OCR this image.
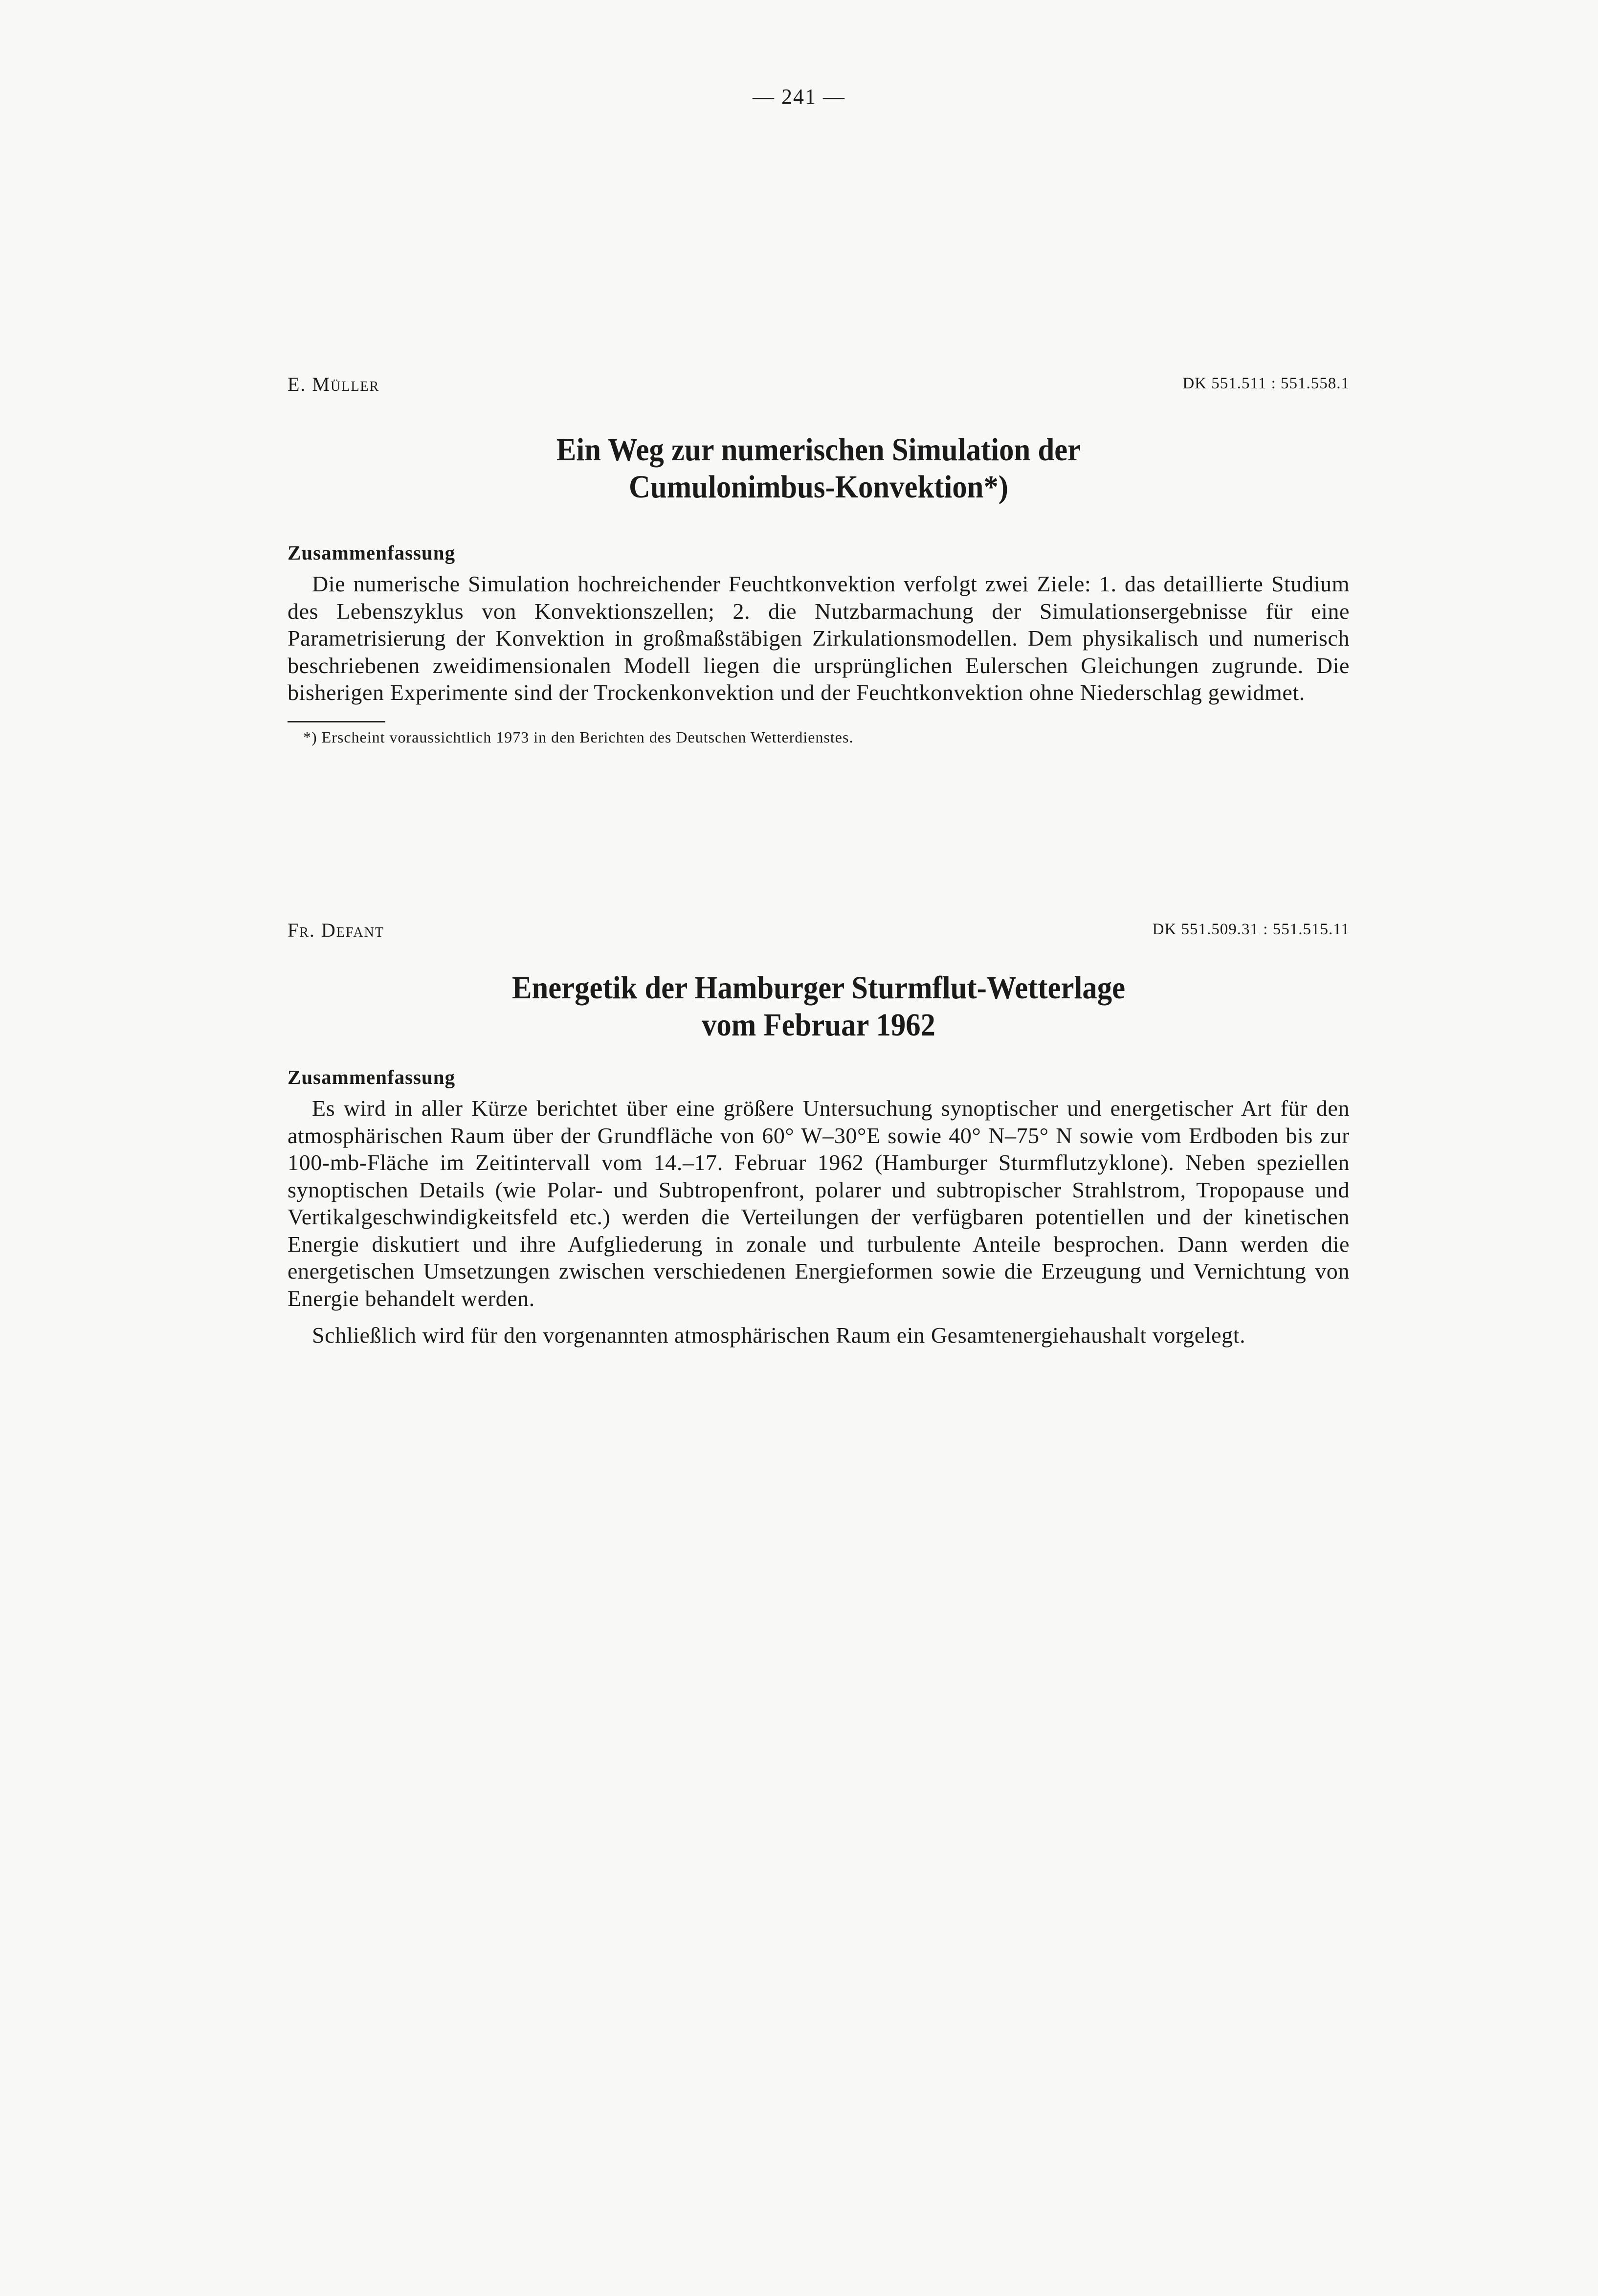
— 241 —
E. Müller	DK 551.511 : 551.558.1
Ein Weg zur numerischen Simulation der
Cumulonimbus-Konvektion*)
Zusammenfassung

Die numerische Simulation hochreichender Feuchtkonvektion verfolgt zwei Ziele: 1. das detaillierte Studium des Lebenszyklus von Konvektionszellen; 2. die Nutzbarmachung der Simulationsergebnisse für eine Parametrisierung der Konvektion in großmaßstäbigen Zirkulationsmodellen. Dem physikalisch und numerisch beschriebenen zweidimensionalen Modell liegen die ursprünglichen Eulerschen Gleichungen zugrunde. Die bisherigen Experimente sind der Trockenkonvektion und der Feuchtkonvektion ohne Niederschlag gewidmet.

*) Erscheint voraussichtlich 1973 in den Berichten des Deutschen Wetterdienstes.
Fr. Defant	DK 551.509.31 : 551.515.11
Energetik der Hamburger Sturmflut-Wetterlage
vom Februar 1962
Zusammenfassung

Es wird in aller Kürze berichtet über eine größere Untersuchung synoptischer und energetischer Art für den atmosphärischen Raum über der Grundfläche von 60° W–30°E sowie 40° N–75° N sowie vom Erdboden bis zur 100-mb-Fläche im Zeitintervall vom 14.–17. Februar 1962 (Hamburger Sturmflutzyklone). Neben speziellen synoptischen Details (wie Polar- und Subtropenfront, polarer und subtropischer Strahlstrom, Tropopause und Vertikalgeschwindigkeitsfeld etc.) werden die Verteilungen der verfügbaren potentiellen und der kinetischen Energie diskutiert und ihre Aufgliederung in zonale und turbulente Anteile besprochen. Dann werden die energetischen Umsetzungen zwischen verschiedenen Energieformen sowie die Erzeugung und Vernichtung von Energie behandelt werden.

Schließlich wird für den vorgenannten atmosphärischen Raum ein Gesamtenergiehaushalt vorgelegt.
